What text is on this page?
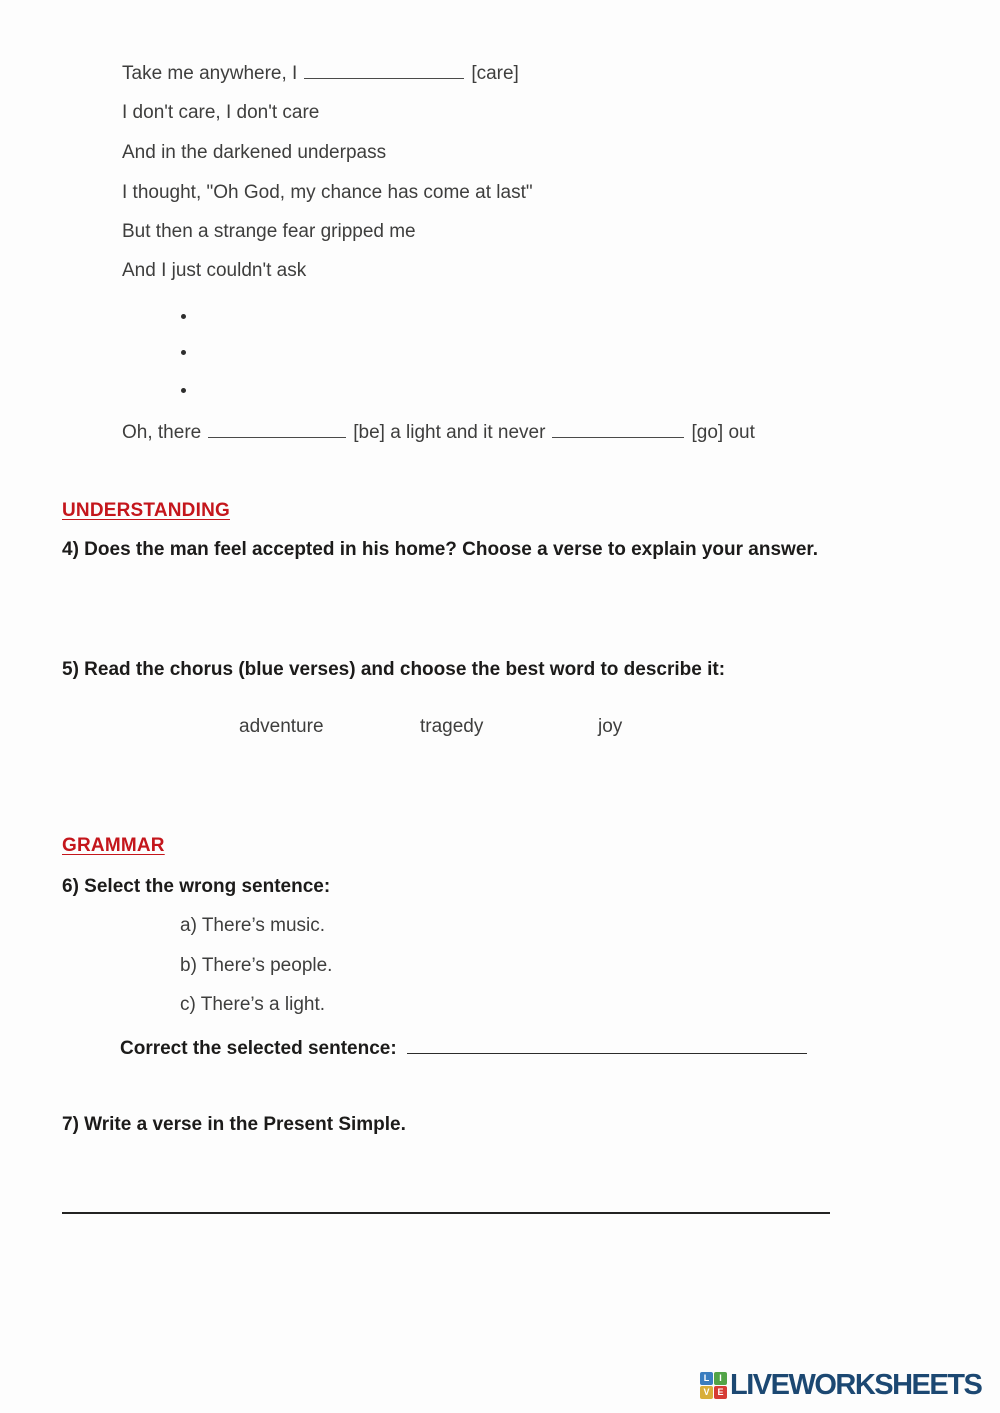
Take me anywhere, I	[care]

I don't care, I don't care

And in the darkened underpass

I thought, "Oh God, my chance has come at last"

But then a strange fear gripped me

And I just couldn't ask

Oh, there	[be] a light and it never	[go] out

UNDERSTANDING

4) Does the man feel accepted in his home? Choose a verse to explain your answer.

5) Read the chorus (blue verses) and choose the best word to describe it:

adventure	tragedy	joy
GRAMMAR

6) Select the wrong sentence:

a) There’s music.
b) There’s people.
c) There’s a light.

Correct the selected sentence:

7) Write a verse in the Present Simple.

L	I
V E LIVEWORKSHEETS
